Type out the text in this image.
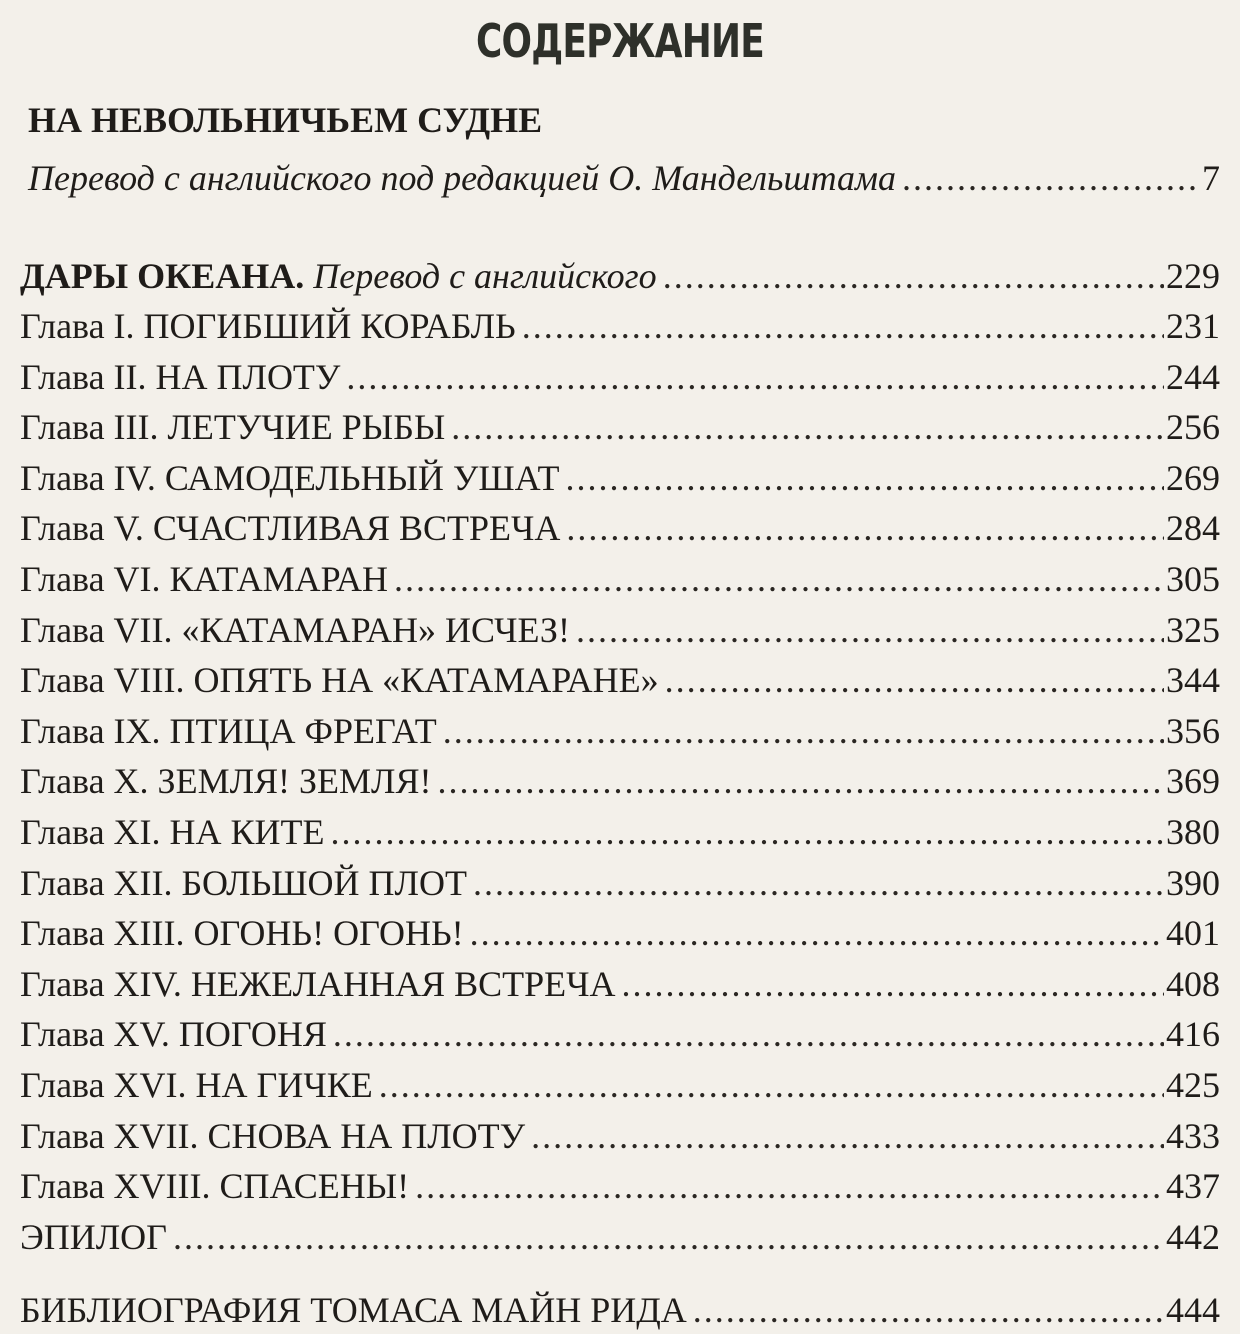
СОДЕРЖАНИЕ
НА НЕВОЛЬНИЧЬЕМ СУДНЕ
Перевод с английского под редакцией О. Мандельштама .....	7
ДАРЫ ОКЕАНА. Перевод с английского .....	229
Глава I. ПОГИБШИЙ КОРАБЛЬ .....	231
Глава II. НА ПЛОТУ .....	244
Глава III. ЛЕТУЧИЕ РЫБЫ .....	256
Глава IV. САМОДЕЛЬНЫЙ УШАТ .....	269
Глава V. СЧАСТЛИВАЯ ВСТРЕЧА .....	284
Глава VI. КАТАМАРАН .....	305
Глава VII. «КАТАМАРАН» ИСЧЕЗ! .....	325
Глава VIII. ОПЯТЬ НА «КАТАМАРАНЕ» .....	344
Глава IX. ПТИЦА ФРЕГАТ .....	356
Глава X. ЗЕМЛЯ! ЗЕМЛЯ! .....	369
Глава XI. НА КИТЕ .....	380
Глава XII. БОЛЬШОЙ ПЛОТ .....	390
Глава XIII. ОГОНЬ! ОГОНЬ! .....	401
Глава XIV. НЕЖЕЛАННАЯ ВСТРЕЧА .....	408
Глава XV. ПОГОНЯ .....	416
Глава XVI. НА ГИЧКЕ .....	425
Глава XVII. СНОВА НА ПЛОТУ .....	433
Глава XVIII. СПАСЕНЫ! .....	437
ЭПИЛОГ .....	442
БИБЛИОГРАФИЯ ТОМАСА МАЙН РИДА .....	444
